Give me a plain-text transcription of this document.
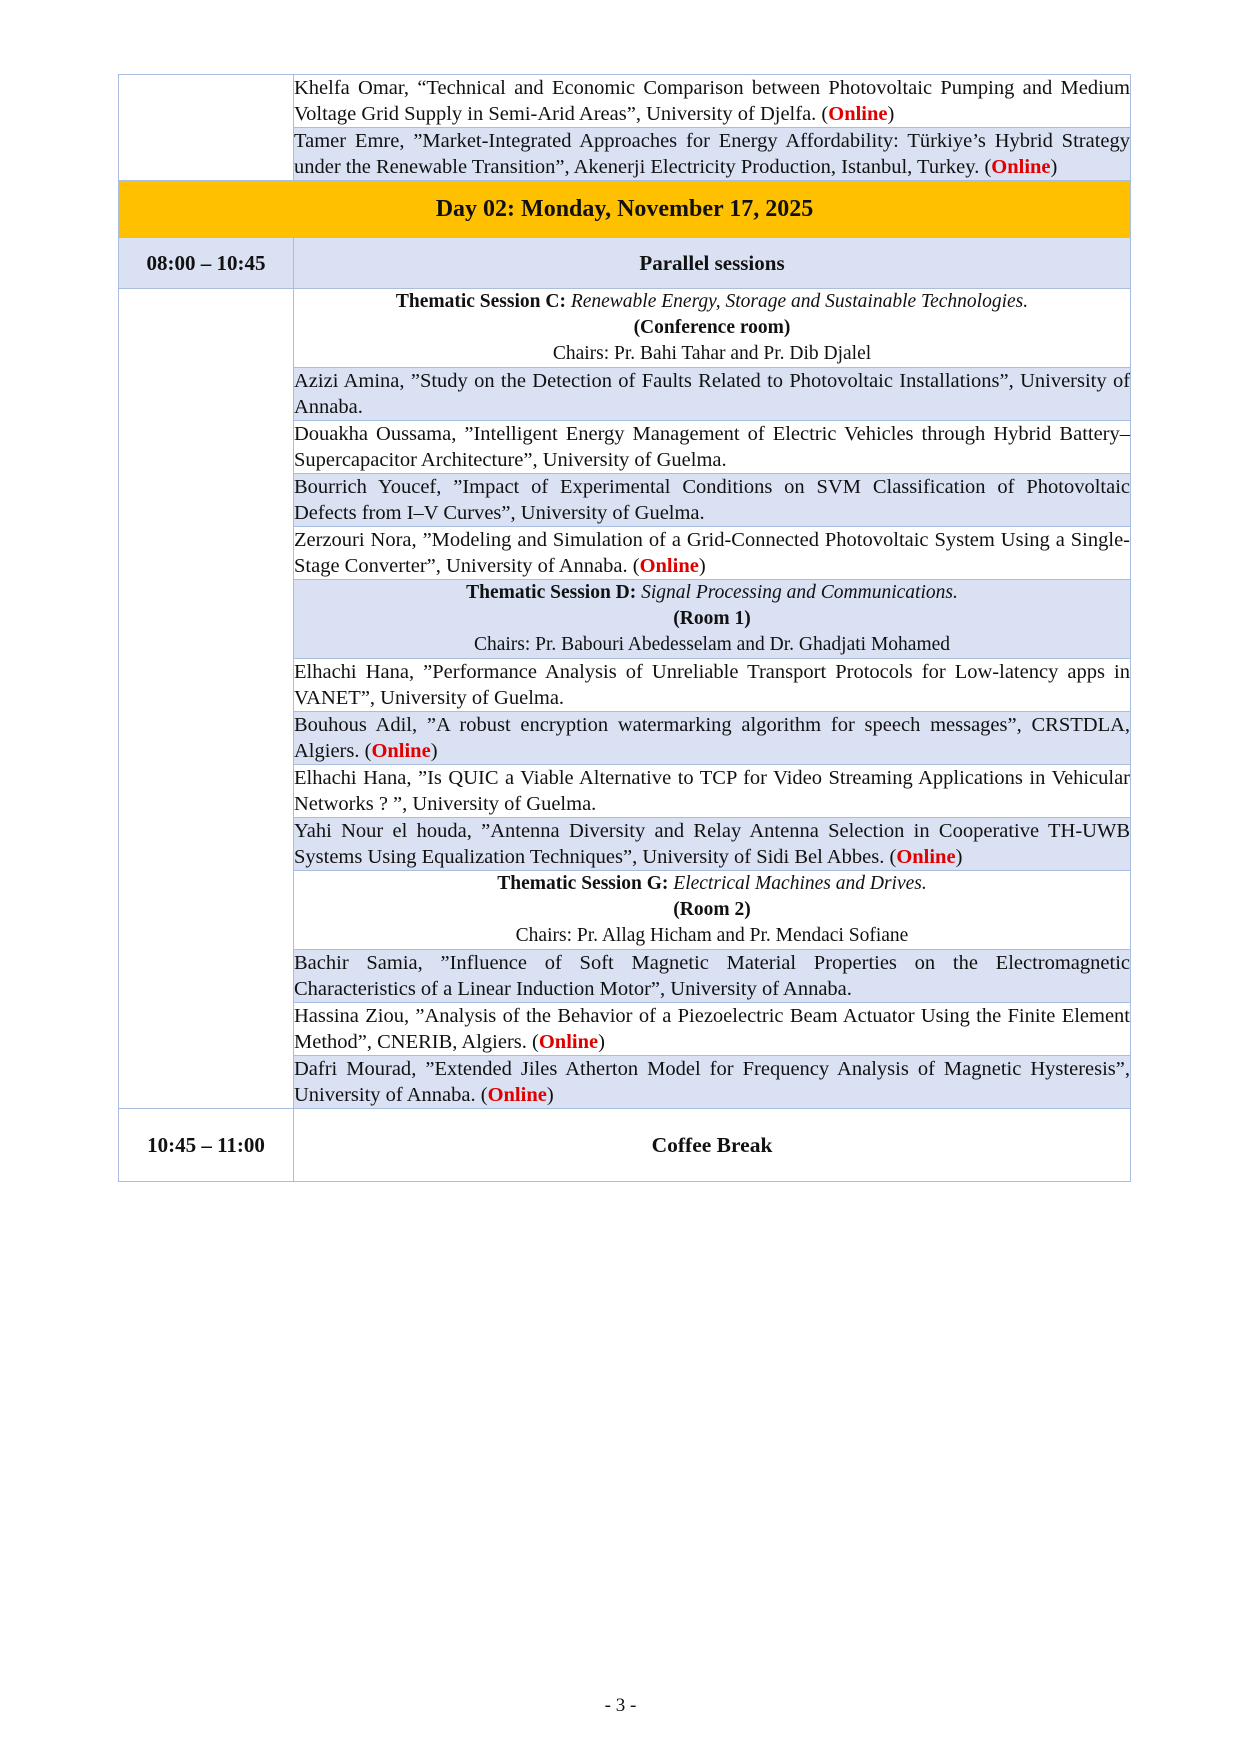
	Khelfa Omar, “Technical and Economic Comparison between Photovoltaic Pumping and Medium Voltage Grid Supply in Semi-Arid Areas”, University of Djelfa. (Online)
	Tamer Emre, ”Market-Integrated Approaches for Energy Affordability: Türkiye’s Hybrid Strategy under the Renewable Transition”, Akenerji Electricity Production, Istanbul, Turkey. (Online)
Day 02: Monday, November 17, 2025	
08:00 – 10:45	Parallel sessions

	Thematic Session C: Renewable Energy, Storage and Sustainable Technologies.
(Conference room)
Chairs: Pr. Bahi Tahar and Pr. Dib Djalel

	Azizi Amina, ”Study on the Detection of Faults Related to Photovoltaic Installations”, University of Annaba.
	Douakha Oussama, ”Intelligent Energy Management of Electric Vehicles through Hybrid Battery–Supercapacitor Architecture”, University of Guelma.
	Bourrich Youcef, ”Impact of Experimental Conditions on SVM Classification of Photovoltaic Defects from I–V Curves”, University of Guelma.
	Zerzouri Nora, ”Modeling and Simulation of a Grid-Connected Photovoltaic System Using a Single-Stage Converter”, University of Annaba. (Online)

	Thematic Session D: Signal Processing and Communications.
(Room 1)
Chairs: Pr. Babouri Abedesselam and Dr. Ghadjati Mohamed

	Elhachi Hana, ”Performance Analysis of Unreliable Transport Protocols for Low-latency apps in VANET”, University of Guelma.
	Bouhous Adil, ”A robust encryption watermarking algorithm for speech messages”, CRSTDLA, Algiers. (Online)
	Elhachi Hana, ”Is QUIC a Viable Alternative to TCP for Video Streaming Applications in Vehicular Networks ? ”, University of Guelma.
	Yahi Nour el houda, ”Antenna Diversity and Relay Antenna Selection in Cooperative TH-UWB Systems Using Equalization Techniques”, University of Sidi Bel Abbes. (Online)

	Thematic Session G: Electrical Machines and Drives.
(Room 2)
Chairs: Pr. Allag Hicham and Pr. Mendaci Sofiane

	Bachir Samia, ”Influence of Soft Magnetic Material Properties on the Electromagnetic Characteristics of a Linear Induction Motor”, University of Annaba.
	Hassina Ziou, ”Analysis of the Behavior of a Piezoelectric Beam Actuator Using the Finite Element Method”, CNERIB, Algiers. (Online)
	Dafri Mourad, ”Extended Jiles Atherton Model for Frequency Analysis of Magnetic Hysteresis”, University of Annaba. (Online)
10:45 – 11:00	Coffee Break
- 3 -
